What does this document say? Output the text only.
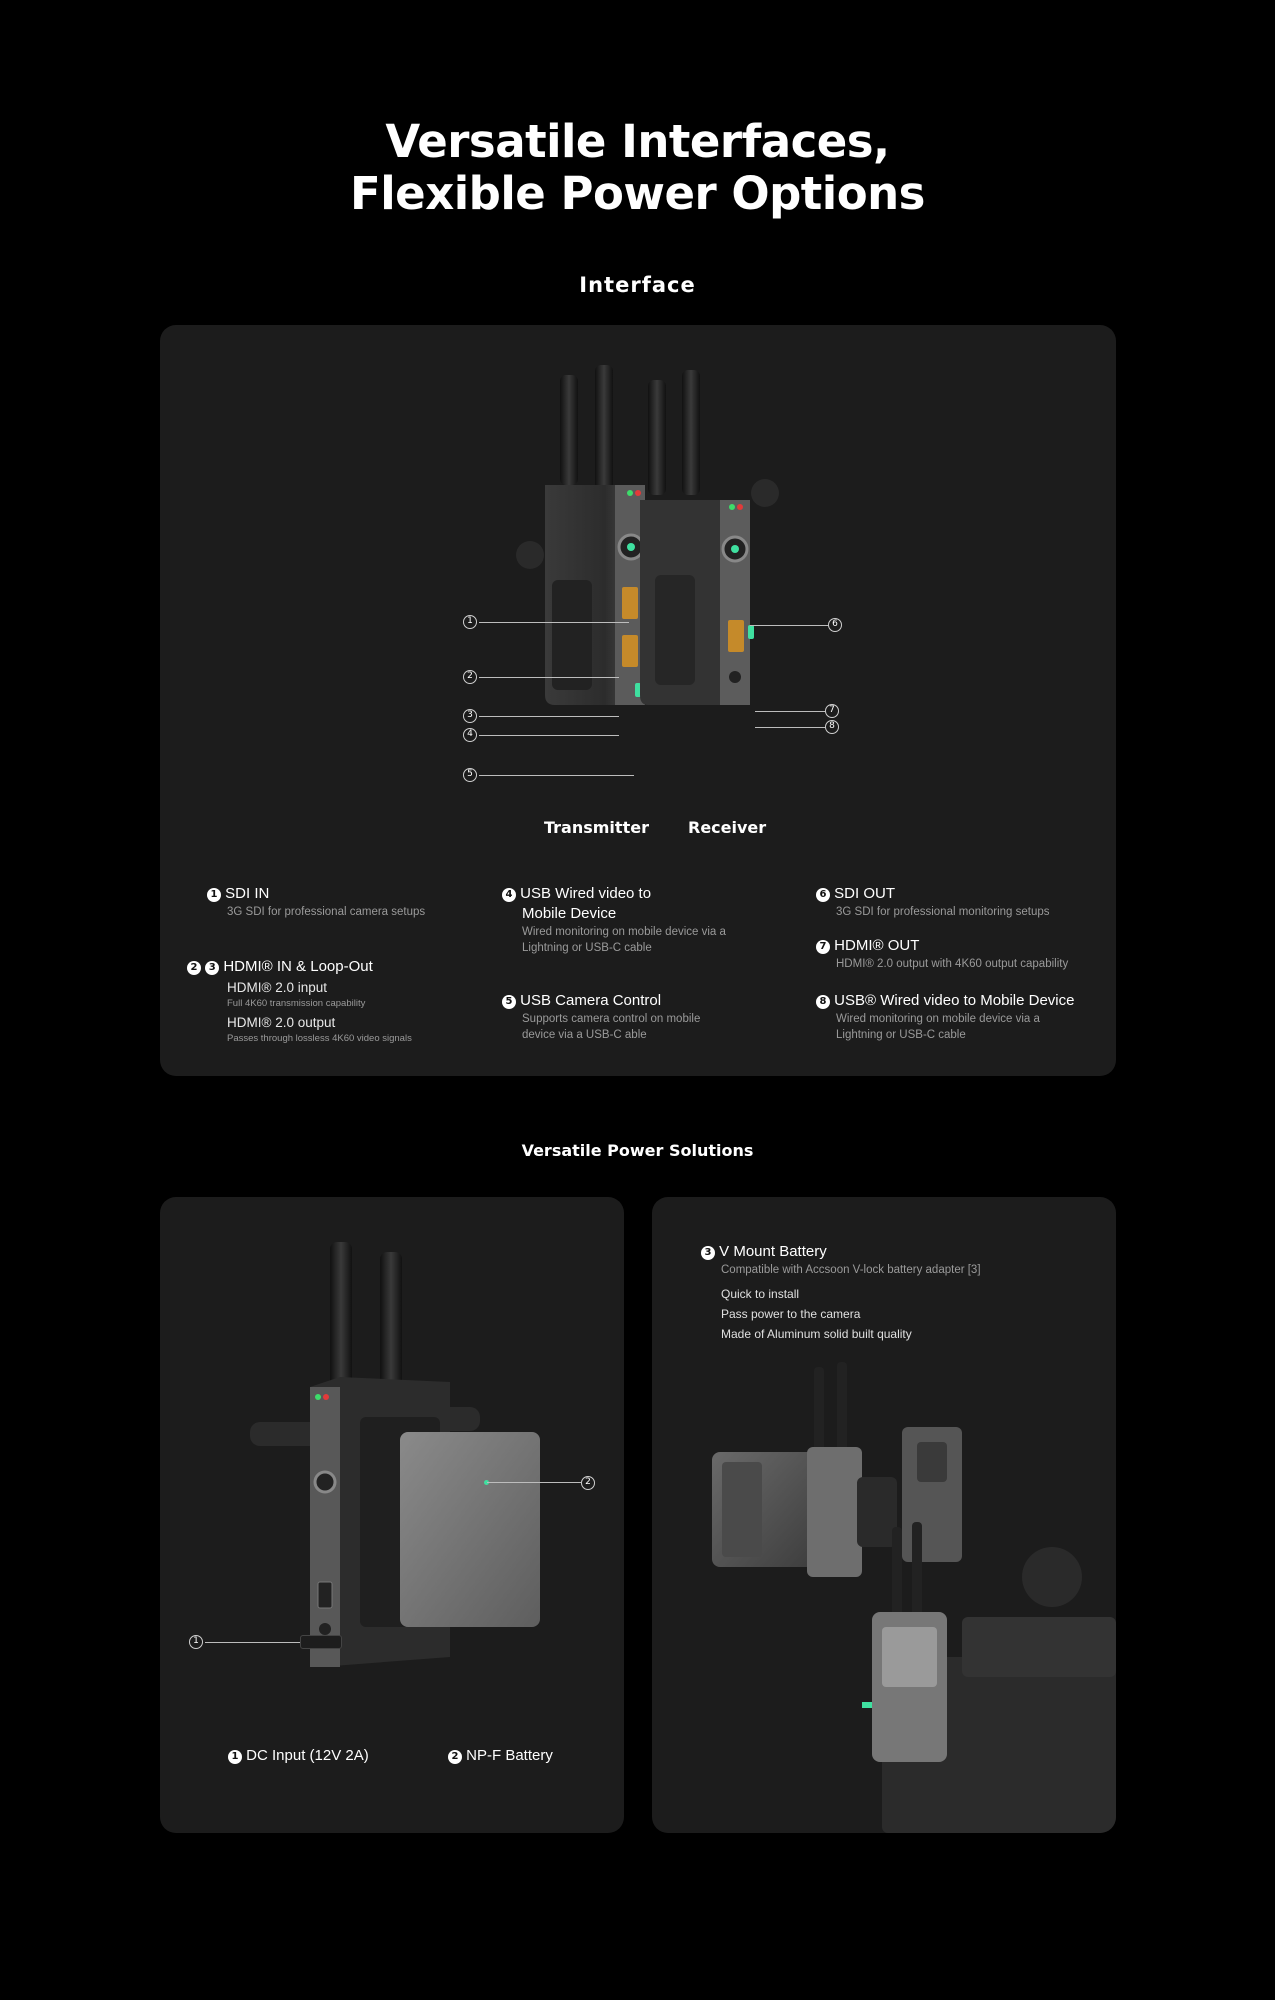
Versatile Interfaces,
Flexible Power Options
Interface
1
2
3
4
5
6
7
8
Transmitter Receiver
1 SDI IN
3G SDI for professional camera setups
2 3 HDMI® IN & Loop-Out
HDMI® 2.0 input
Full 4K60 transmission capability
HDMI® 2.0 output
Passes through lossless 4K60 video signals
4 USB Wired video to
Mobile Device
Wired monitoring on mobile device via a
Lightning or USB-C cable
5 USB Camera Control
Supports camera control on mobile
device via a USB-C able
6 SDI OUT
3G SDI for professional monitoring setups
7 HDMI® OUT
HDMI® 2.0 output with 4K60 output capability
8 USB® Wired video to Mobile Device
Wired monitoring on mobile device via a
Lightning or USB-C cable
Versatile Power Solutions
2
1
1 DC Input (12V 2A)	2 NP-F Battery
3 V Mount Battery
Compatible with Accsoon V-lock battery adapter [3]
Quick to install
Pass power to the camera
Made of Aluminum solid built quality
